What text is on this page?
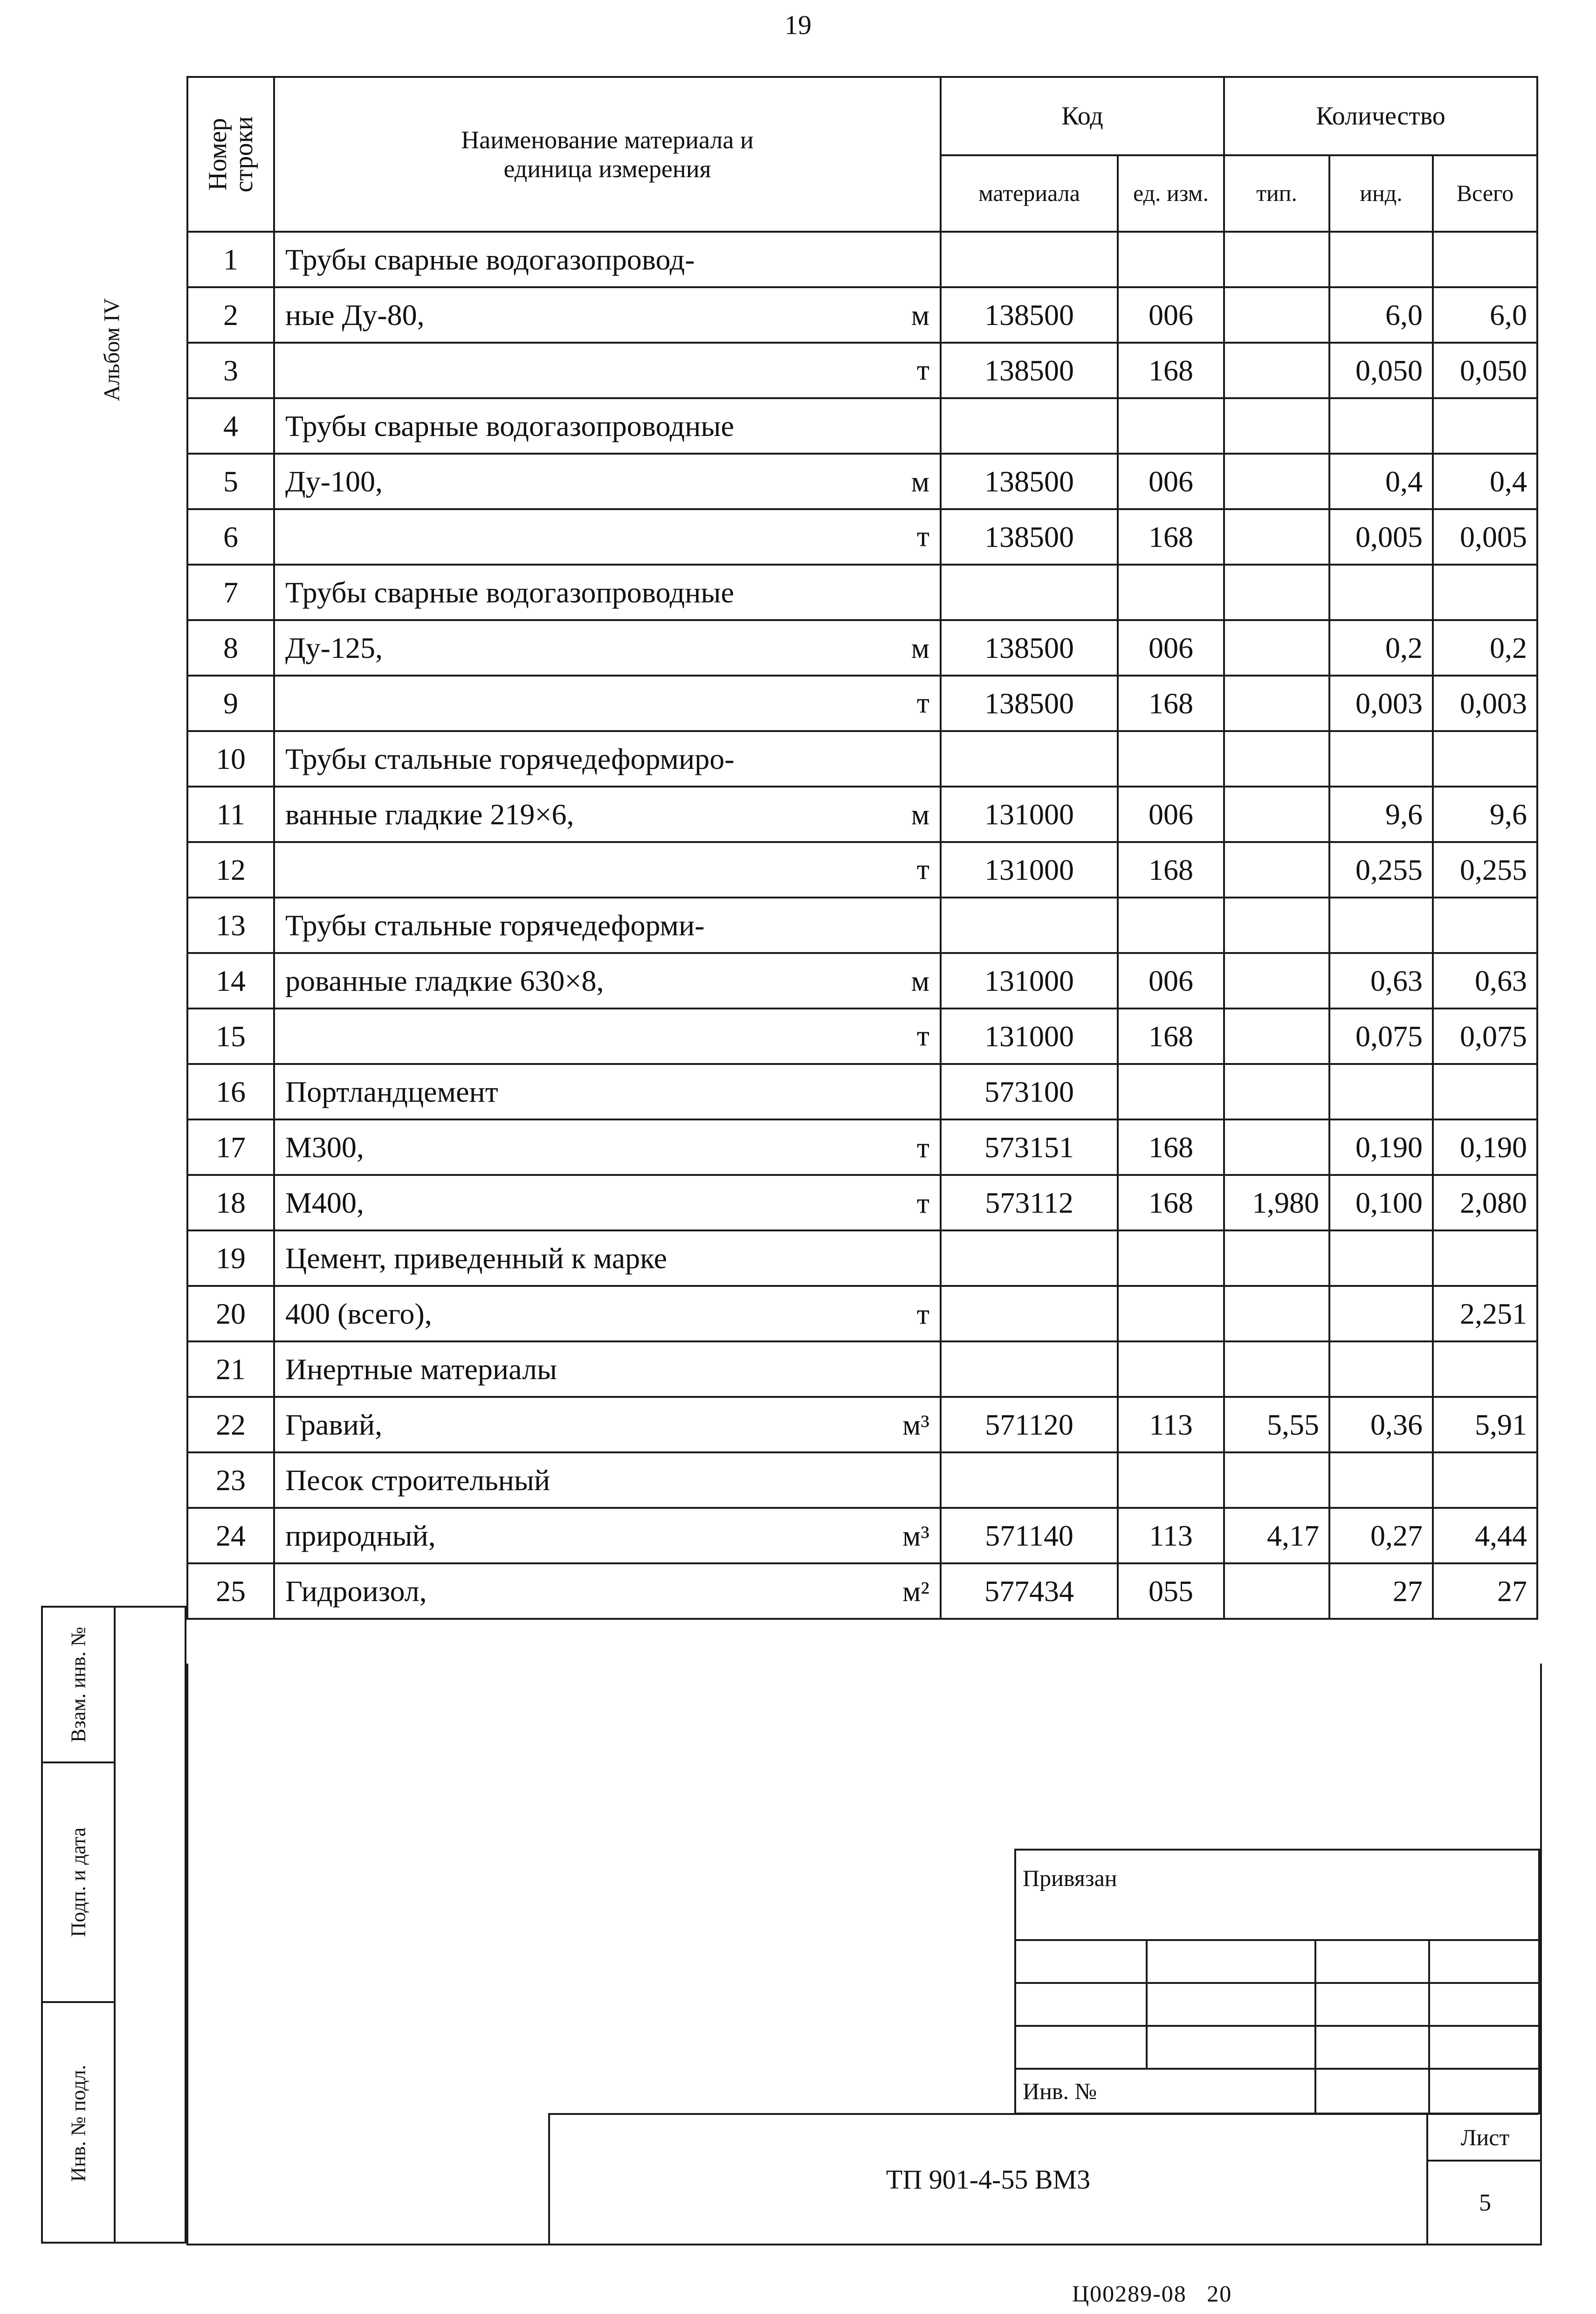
19
Альбом IV
Номер строки	Наименование материала и единица измерения	Код		Количество		
		материала	ед. изм.	тип.	инд.	Всего
1	Трубы сварные водогазопровод-					

2	ные Ду-80, м	138500	006		6,0	6,0
3	т	138500	168		0,050	0,050
4	Трубы сварные водогазопроводные					

5	Ду-100, м	138500	006		0,4	0,4
6	т	138500	168		0,005	0,005
7	Трубы сварные водогазопроводные					

8	Ду-125, м	138500	006		0,2	0,2
9	т	138500	168		0,003	0,003
10	Трубы стальные горячедеформиро-					

11	ванные гладкие 219×6, м	131000	006		9,6	9,6
12	т	131000	168		0,255	0,255
13	Трубы стальные горячедеформи-					

14	рованные гладкие 630×8, м	131000	006		0,63	0,63
15	т	131000	168		0,075	0,075
16	Портландцемент	573100				
17	М300, т	573151	168		0,190	0,190
18	М400, т	573112	168	1,980	0,100	2,080
19	Цемент, приведенный к марке					

20	400 (всего), т					2,251
21	Инертные материалы					

22	Гравий, м³	571120	113	5,55	0,36	5,91
23	Песок строительный					

24	природный, м³	571140	113	4,17	0,27	4,44
25	Гидроизол, м²	577434	055		27	27
Взам. инв. №
Подп. и дата
Инв. № подл.
Привязан			

Инв. №			
ТП 901-4-55 ВМ3
Лист
5
Ц00289-08   20
